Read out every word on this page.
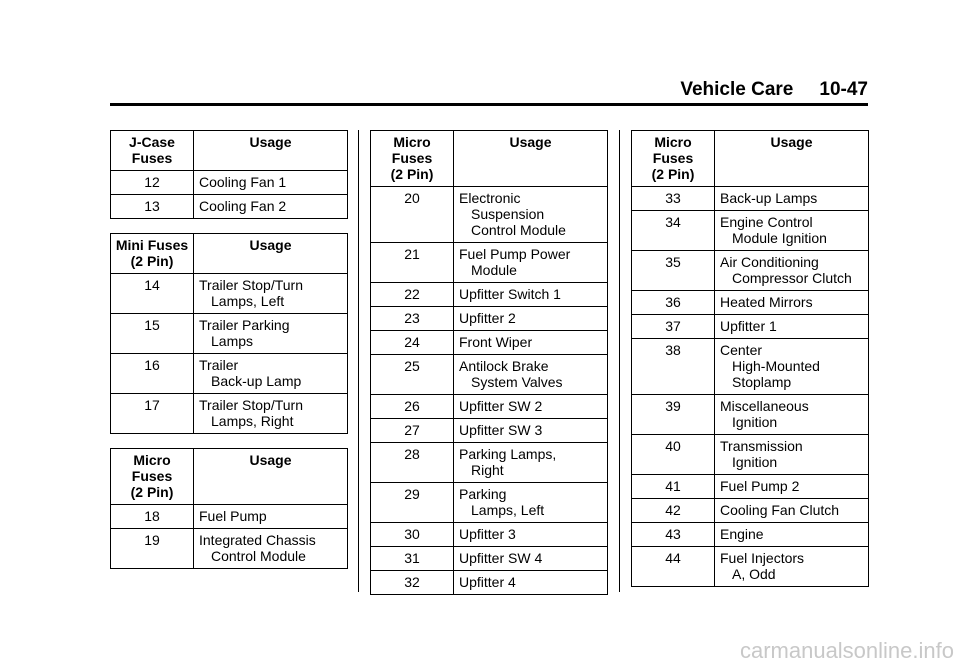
Vehicle Care 10-47
J-Case
Fuses	Usage
12	Cooling Fan 1

13	Cooling Fan 2
Mini Fuses
(2 Pin)	Usage
14	Trailer Stop/Turn
Lamps, Left

15	Trailer Parking
Lamps

16	Trailer
Back-up Lamp

17	Trailer Stop/Turn
Lamps, Right
Micro Fuses
(2 Pin)	Usage
18	Fuel Pump

19	Integrated Chassis
Control Module
Micro Fuses
(2 Pin)	Usage
20	Electronic
Suspension
Control Module

21	Fuel Pump Power
Module

22	Upfitter Switch 1

23	Upfitter 2

24	Front Wiper

25	Antilock Brake
System Valves

26	Upfitter SW 2

27	Upfitter SW 3

28	Parking Lamps,
Right

29	Parking
Lamps, Left

30	Upfitter 3

31	Upfitter SW 4

32	Upfitter 4
Micro Fuses
(2 Pin)	Usage
33	Back-up Lamps

34	Engine Control
Module Ignition

35	Air Conditioning
Compressor Clutch

36	Heated Mirrors

37	Upfitter 1

38	Center
High-Mounted
Stoplamp

39	Miscellaneous
Ignition

40	Transmission
Ignition

41	Fuel Pump 2

42	Cooling Fan Clutch

43	Engine

44	Fuel Injectors
A, Odd
carmanualsonline.info
